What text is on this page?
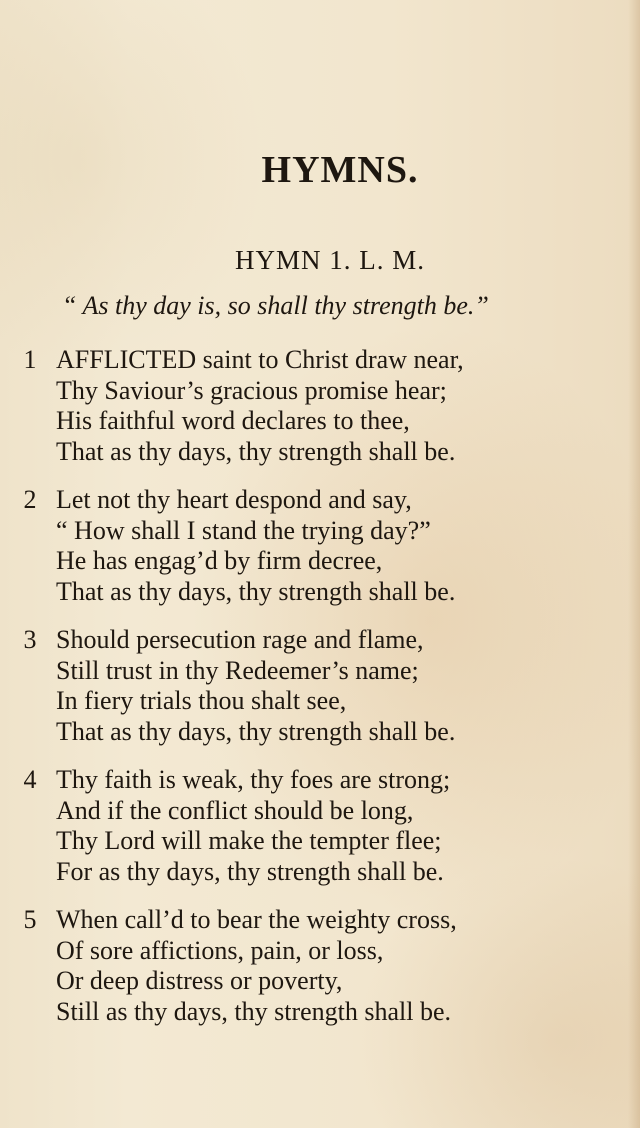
HYMNS.
HYMN 1. L. M.
“ As thy day is, so shall thy strength be.”
1 AFFLICTED saint to Christ draw near,
Thy Saviour’s gracious promise hear;
His faithful word declares to thee,
That as thy days, thy strength shall be.
2 Let not thy heart despond and say,
“ How shall I stand the trying day?”
He has engag’d by firm decree,
That as thy days, thy strength shall be.
3 Should persecution rage and flame,
Still trust in thy Redeemer’s name;
In fiery trials thou shalt see,
That as thy days, thy strength shall be.
4 Thy faith is weak, thy foes are strong;
And if the conflict should be long,
Thy Lord will make the tempter flee;
For as thy days, thy strength shall be.
5 When call’d to bear the weighty cross,
Of sore affictions, pain, or loss,
Or deep distress or poverty,
Still as thy days, thy strength shall be.
